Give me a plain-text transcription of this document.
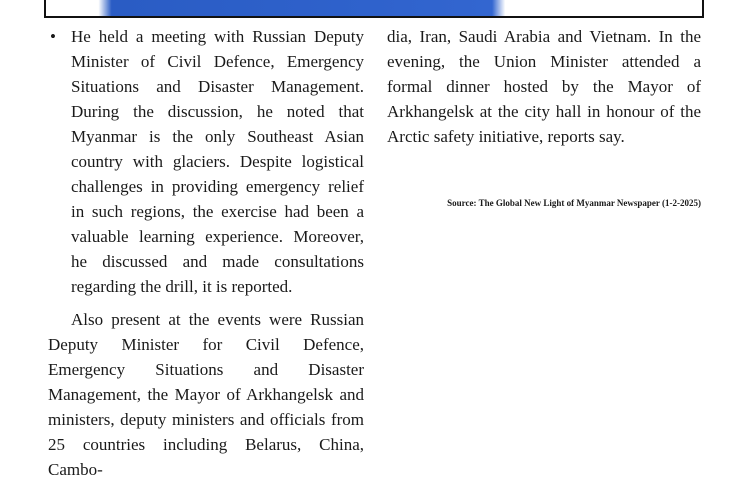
• He held a meeting with Russian Deputy Minister of Civil Defence, Emergency Situations and Disaster Management. During the discussion, he noted that Myanmar is the only Southeast Asian country with glaciers. Despite logistical challenges in providing emergency relief in such regions, the exercise had been a valuable learning experience. Moreover, he discussed and made consultations regarding the drill, it is reported.

Also present at the events were Russian Deputy Minister for Civil Defence, Emergency Situations and Disaster Management, the Mayor of Arkhangelsk and ministers, deputy ministers and officials from 25 countries including Belarus, China, Cambo-

dia, Iran, Saudi Arabia and Vietnam. In the evening, the Union Minister attended a formal dinner hosted by the Mayor of Arkhangelsk at the city hall in honour of the Arctic safety initiative, reports say.

Source: The Global New Light of Myanmar Newspaper (1-2-2025)
